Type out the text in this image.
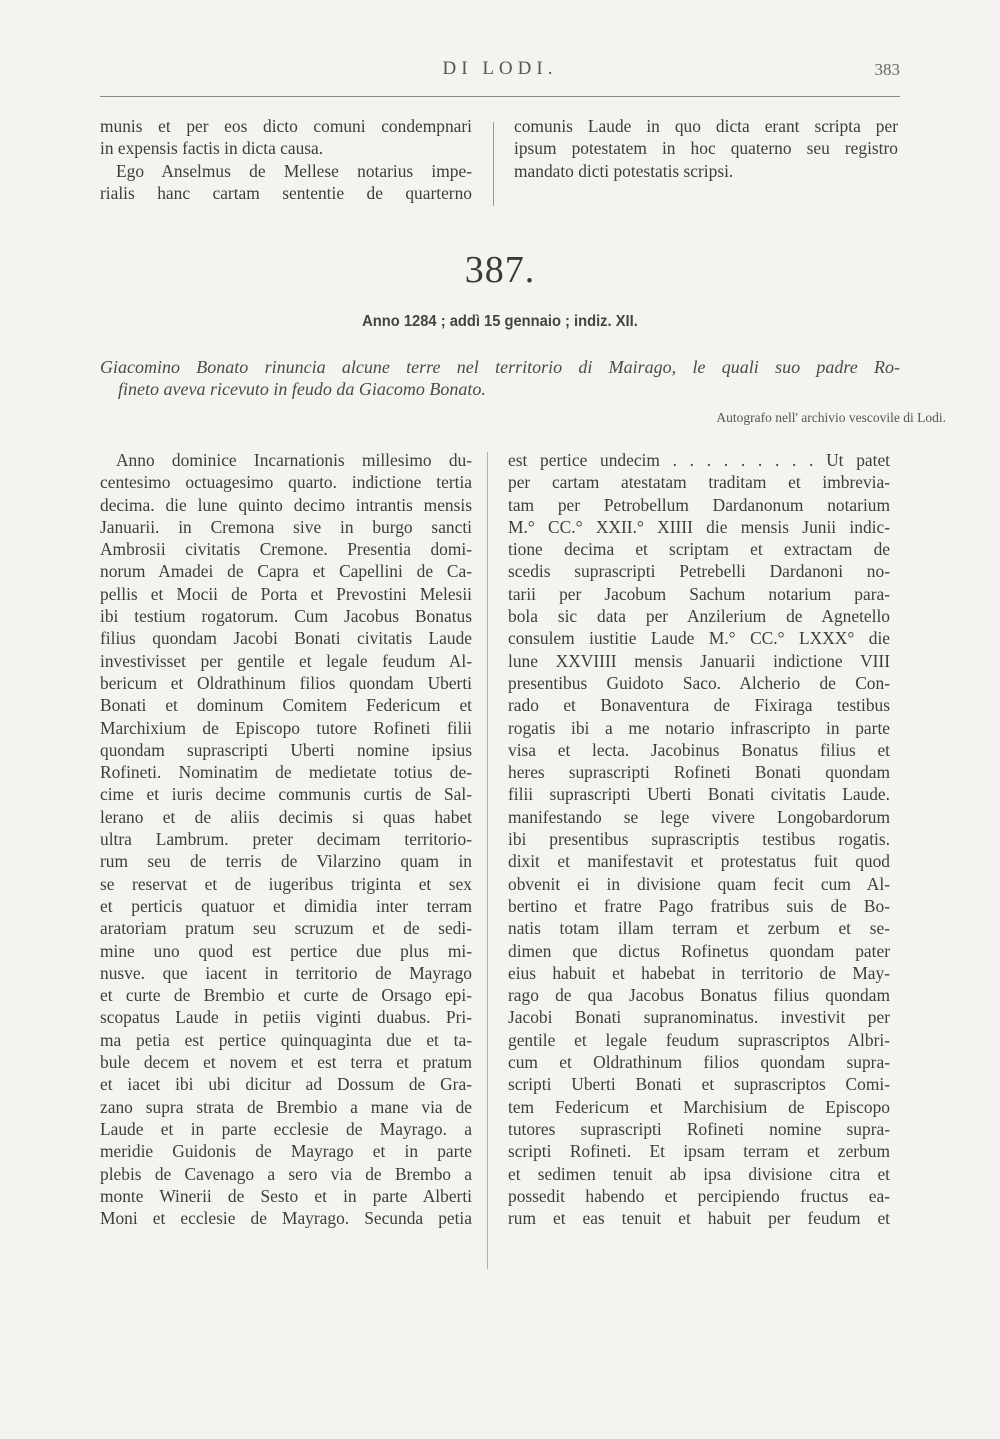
DI LODI.	383
munis et per eos dicto comuni condempnari
in expensis factis in dicta causa.
Ego Anselmus de Mellese notarius impe-
rialis hanc cartam sententie de quarterno
comunis Laude in quo dicta erant scripta per
ipsum potestatem in hoc quaterno seu registro
mandato dicti potestatis scripsi.
387.
Anno 1284 ; addì 15 gennaio ; indiz. XII.
Giacomino Bonato rinuncia alcune terre nel territorio di Mairago, le quali suo padre Ro-
fineto aveva ricevuto in feudo da Giacomo Bonato.
Autografo nell' archivio vescovile di Lodi.
Anno dominice Incarnationis millesimo du-
centesimo octuagesimo quarto. indictione tertia
decima. die lune quinto decimo intrantis mensis
Januarii. in Cremona sive in burgo sancti
Ambrosii civitatis Cremone. Presentia domi-
norum Amadei de Capra et Capellini de Ca-
pellis et Mocii de Porta et Prevostini Melesii
ibi testium rogatorum. Cum Jacobus Bonatus
filius quondam Jacobi Bonati civitatis Laude
investivisset per gentile et legale feudum Al-
bericum et Oldrathinum filios quondam Uberti
Bonati et dominum Comitem Federicum et
Marchixium de Episcopo tutore Rofineti filii
quondam suprascripti Uberti nomine ipsius
Rofineti. Nominatim de medietate totius de-
cime et iuris decime communis curtis de Sal-
lerano et de aliis decimis si quas habet
ultra Lambrum. preter decimam territorio-
rum seu de terris de Vilarzino quam in
se reservat et de iugeribus triginta et sex
et perticis quatuor et dimidia inter terram
aratoriam pratum seu scruzum et de sedi-
mine uno quod est pertice due plus mi-
nusve. que iacent in territorio de Mayrago
et curte de Brembio et curte de Orsago epi-
scopatus Laude in petiis viginti duabus. Pri-
ma petia est pertice quinquaginta due et ta-
bule decem et novem et est terra et pratum
et iacet ibi ubi dicitur ad Dossum de Gra-
zano supra strata de Brembio a mane via de
Laude et in parte ecclesie de Mayrago. a
meridie Guidonis de Mayrago et in parte
plebis de Cavenago a sero via de Brembo a
monte Winerii de Sesto et in parte Alberti
Moni et ecclesie de Mayrago. Secunda petia
est pertice undecim . . . . . . . . . Ut patet
per cartam atestatam traditam et imbrevia-
tam per Petrobellum Dardanonum notarium
M.° CC.° XXII.° XIIII die mensis Junii indic-
tione decima et scriptam et extractam de
scedis suprascripti Petrebelli Dardanoni no-
tarii per Jacobum Sachum notarium para-
bola sic data per Anzilerium de Agnetello
consulem iustitie Laude M.° CC.° LXXX° die
lune XXVIIII mensis Januarii indictione VIII
presentibus Guidoto Saco. Alcherio de Con-
rado et Bonaventura de Fixiraga testibus
rogatis ibi a me notario infrascripto in parte
visa et lecta. Jacobinus Bonatus filius et
heres suprascripti Rofineti Bonati quondam
filii suprascripti Uberti Bonati civitatis Laude.
manifestando se lege vivere Longobardorum
ibi presentibus suprascriptis testibus rogatis.
dixit et manifestavit et protestatus fuit quod
obvenit ei in divisione quam fecit cum Al-
bertino et fratre Pago fratribus suis de Bo-
natis totam illam terram et zerbum et se-
dimen que dictus Rofinetus quondam pater
eius habuit et habebat in territorio de May-
rago de qua Jacobus Bonatus filius quondam
Jacobi Bonati supranominatus. investivit per
gentile et legale feudum suprascriptos Albri-
cum et Oldrathinum filios quondam supra-
scripti Uberti Bonati et suprascriptos Comi-
tem Federicum et Marchisium de Episcopo
tutores suprascripti Rofineti nomine supra-
scripti Rofineti. Et ipsam terram et zerbum
et sedimen tenuit ab ipsa divisione citra et
possedit habendo et percipiendo fructus ea-
rum et eas tenuit et habuit per feudum et
